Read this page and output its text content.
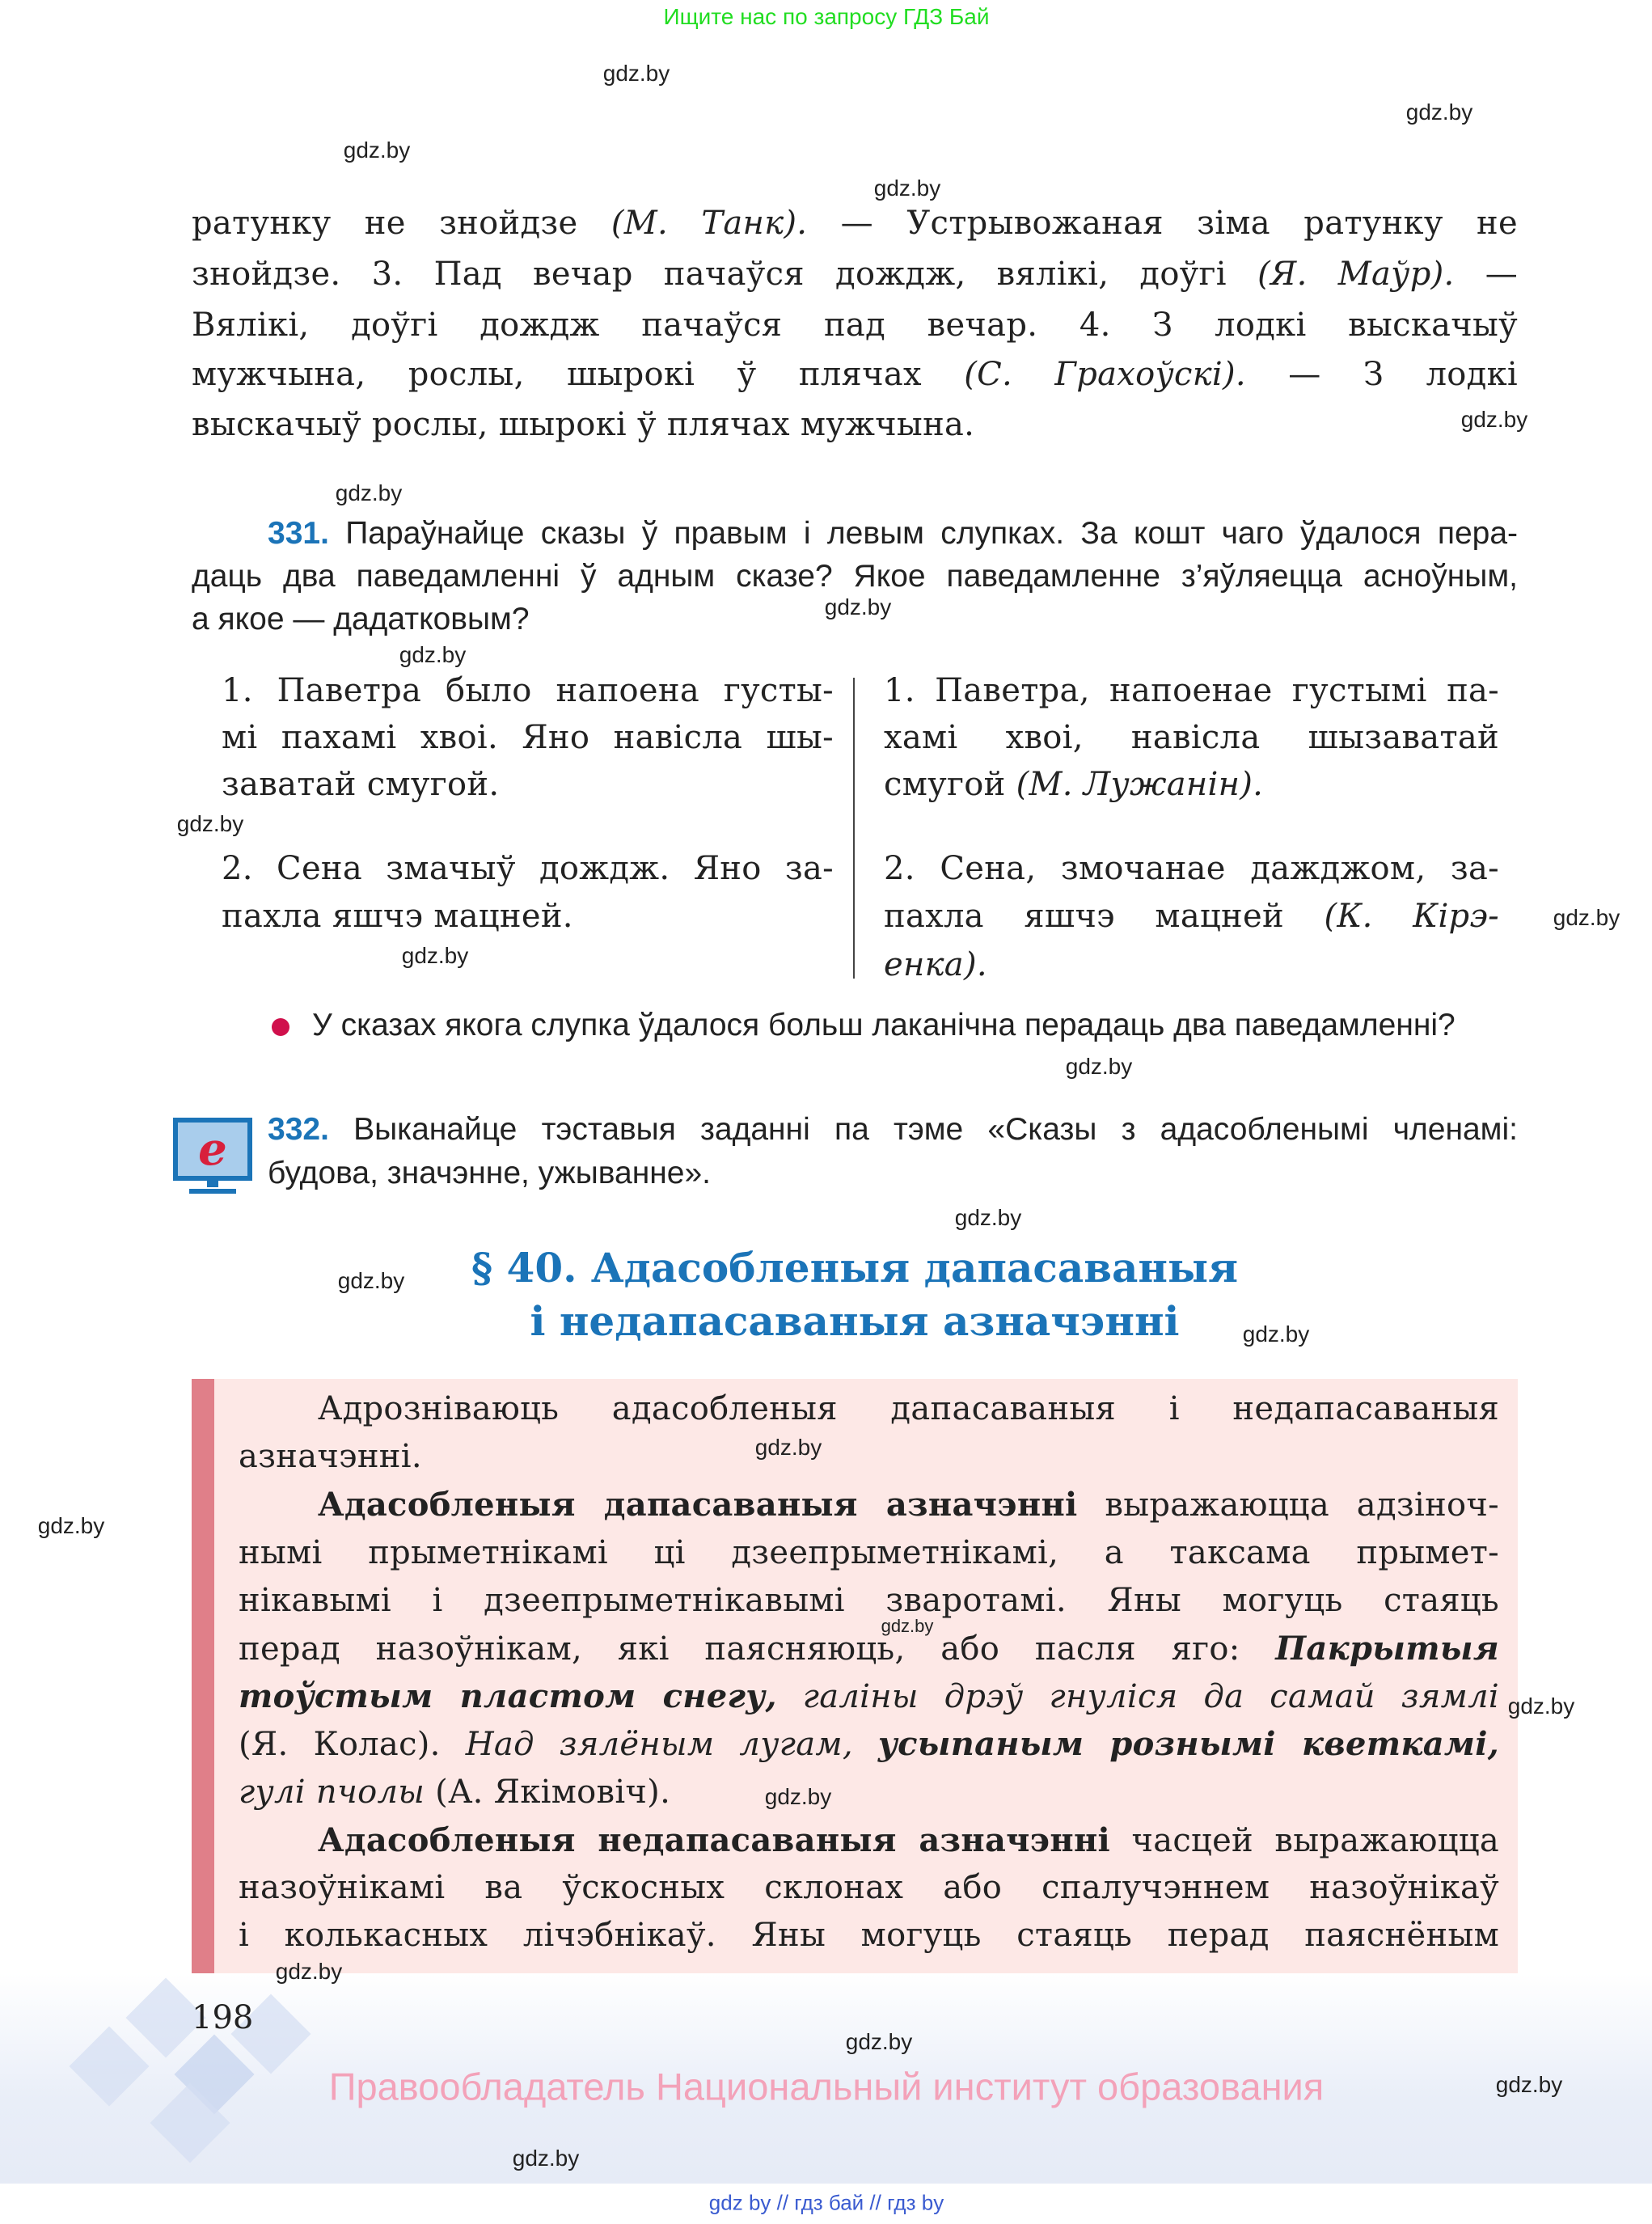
Ищите нас по запросу ГДЗ Бай
gdz.by
gdz.by
gdz.by
gdz.by
gdz.by
gdz.by
gdz.by
gdz.by
gdz.by
gdz.by
gdz.by
gdz.by
gdz.by
gdz.by
gdz.by
gdz.by
gdz.by
gdz.by
gdz.by
gdz.by
gdz.by
gdz.by
gdz.by
gdz.by
ратунку не знойдзе (М. Танк). — Устрывожаная зіма ратунку не
знойдзе. 3. Пад вечар пачаўся дождж, вялікі, доўгі (Я. Маўр). —
Вялікі, доўгі дождж пачаўся пад вечар. 4. З лодкі выскачыў
мужчына, рослы, шырокі ў плячах (С. Грахоўскі). — З лодкі
выскачыў рослы, шырокі ў плячах мужчына.
331. Параўнайце сказы ў правым і левым слупках. За кошт чаго ўдалося пера-
даць два паведамленні ў адным сказе? Якое паведамленне з’яўляецца асноўным,
а якое — дадатковым?
1. Паветра было напоена густы-
мі пахамі хвоі. Яно навісла шы-
заватай смугой.
2. Сена змачыў дождж. Яно за-
пахла яшчэ мацней.
1. Паветра, напоенае густымі па-
хамі хвоі, навісла шызаватай
смугой (М. Лужанін).
2. Сена, змочанае дажджом, за-
пахла яшчэ мацней (К. Кірэ-
енка).
У сказах якога слупка ўдалося больш лаканічна перадаць два паведамленні?
e 332. Выканайце тэставыя заданні па тэме «Сказы з адасобленымі членамі:
будова, значэнне, ужыванне».
§ 40. Адасобленыя дапасаваныя
і недапасаваныя азначэнні
Адрозніваюць адасобленыя дапасаваныя і недапасаваныя
азначэнні.
Адасобленыя дапасаваныя азначэнні выражаюцца адзіноч-
нымі прыметнікамі ці дзеепрыметнікамі, а таксама прымет-
нікавымі і дзеепрыметнікавымі зваротамі. Яны могуць стаяць
перад назоўнікам, які паясняюць, або пасля яго: Пакрытыя
тоўстым пластом снегу, галіны дрэў гнуліся да самай зямлі
(Я. Колас). Над зялёным лугам, усыпаным рознымі кветкамі,
гулі пчолы (А. Якімовіч).
Адасобленыя недапасаваныя азначэнні часцей выражаюцца
назоўнікамі ва ўскосных склонах або спалучэннем назоўнікаў
і колькасных лічэбнікаў. Яны могуць стаяць перад паяснёным
198
Правообладатель Национальный институт образования
gdz by // гдз бай // гдз by
